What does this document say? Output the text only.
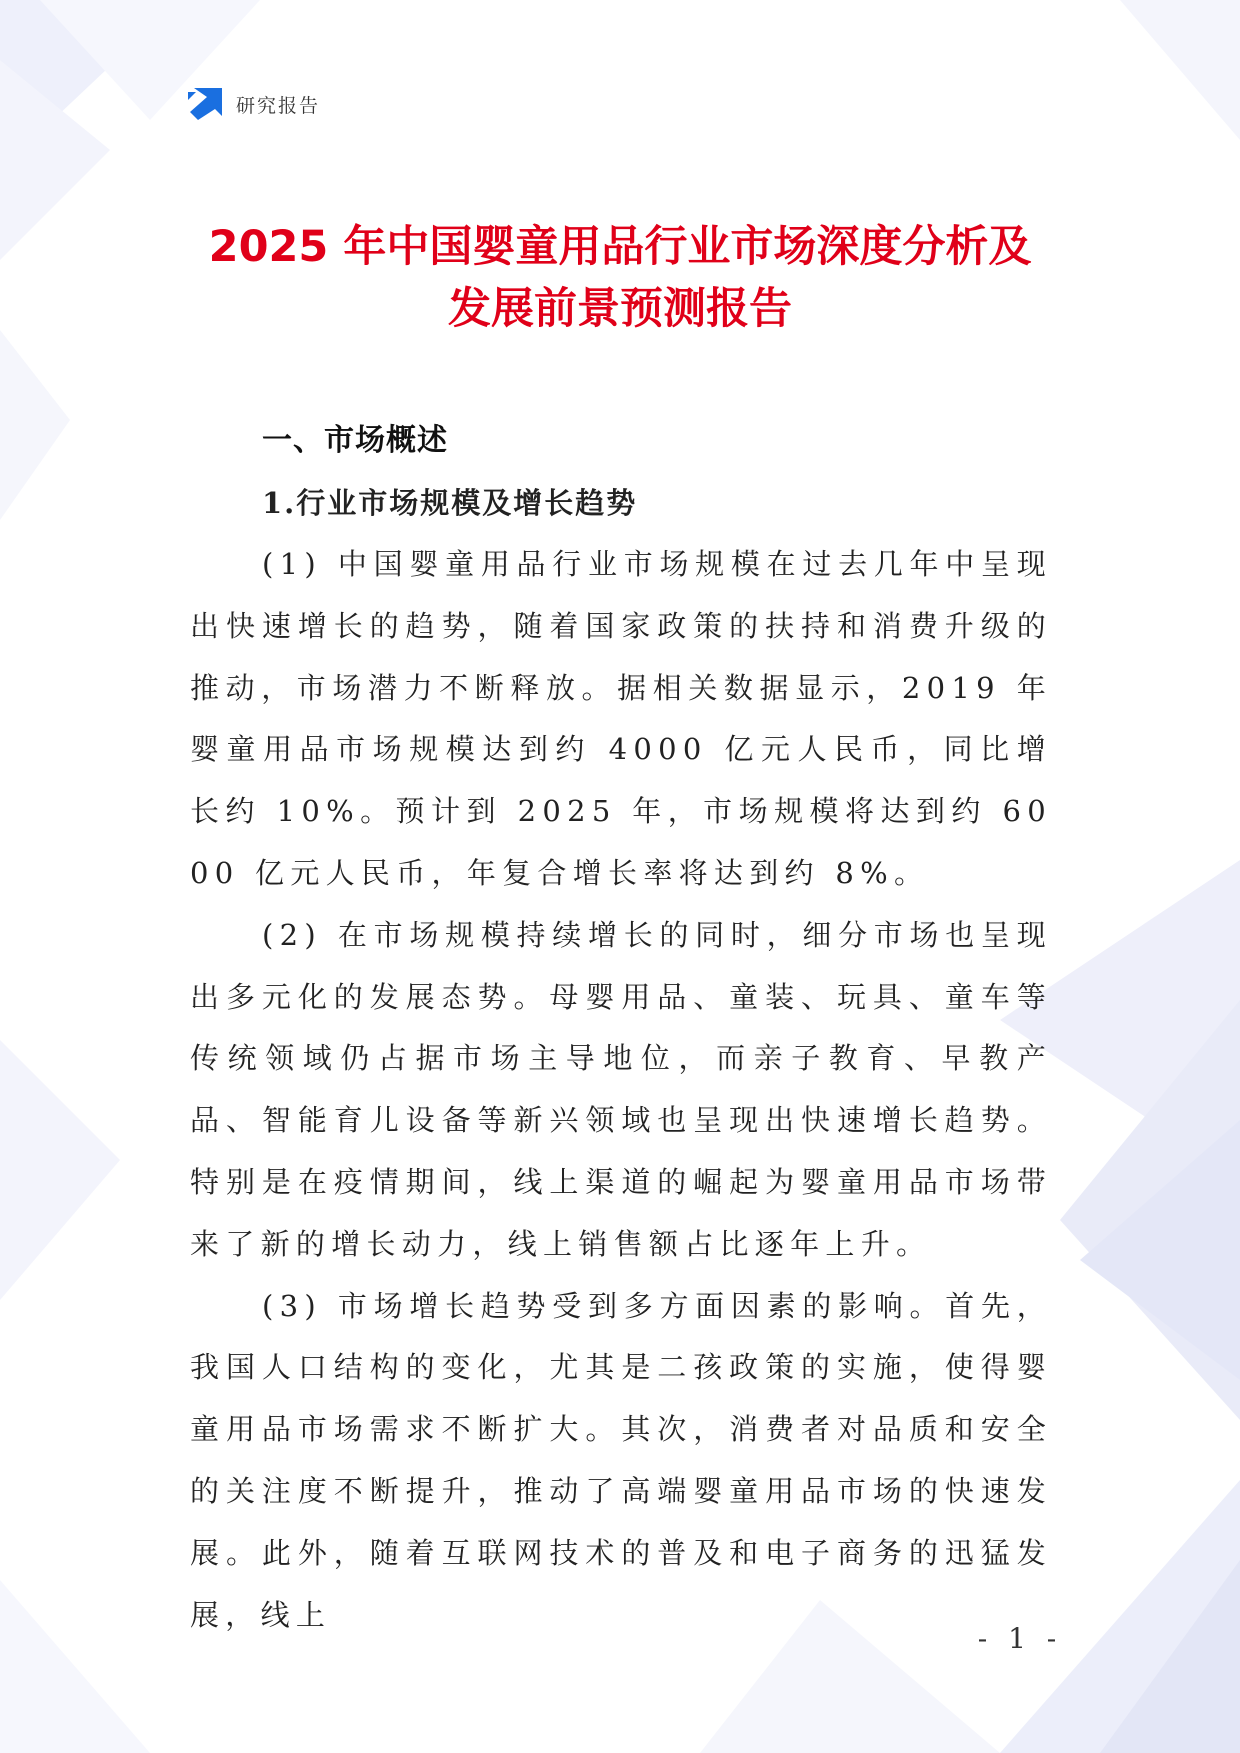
研究报告
2025 年中国婴童用品行业市场深度分析及
发展前景预测报告
一、市场概述
1.行业市场规模及增长趋势

(1) 中国婴童用品行业市场规模在过去几年中呈现出快速增长的趋势，随着国家政策的扶持和消费升级的推动，市场潜力不断释放。据相关数据显示，2019 年婴童用品市场规模达到约 4000 亿元人民币，同比增长约 10%。预计到 2025 年，市场规模将达到约 6000 亿元人民币，年复合增长率将达到约 8%。

(2) 在市场规模持续增长的同时，细分市场也呈现出多元化的发展态势。母婴用品、童装、玩具、童车等传统领域仍占据市场主导地位，而亲子教育、早教产品、智能育儿设备等新兴领域也呈现出快速增长趋势。特别是在疫情期间，线上渠道的崛起为婴童用品市场带来了新的增长动力，线上销售额占比逐年上升。

(3) 市场增长趋势受到多方面因素的影响。首先，我国人口结构的变化，尤其是二孩政策的实施，使得婴童用品市场需求不断扩大。其次，消费者对品质和安全的关注度不断提升，推动了高端婴童用品市场的快速发展。此外，随着互联网技术的普及和电子商务的迅猛发展，线上

- 1 -
